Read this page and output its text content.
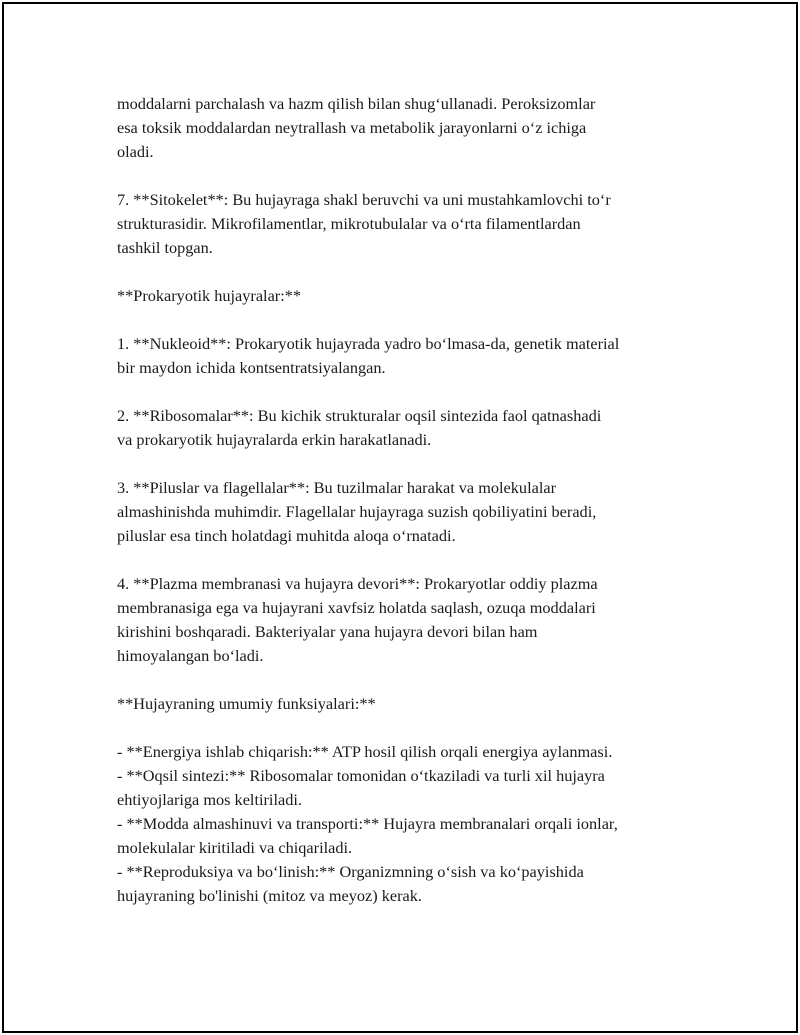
moddalarni parchalash va hazm qilish bilan shug‘ullanadi. Peroksizomlar
esa toksik moddalardan neytrallash va metabolik jarayonlarni o‘z ichiga
oladi.

7. **Sitokelet**: Bu hujayraga shakl beruvchi va uni mustahkamlovchi to‘r
strukturasidir. Mikrofilamentlar, mikrotubulalar va o‘rta filamentlardan
tashkil topgan.

**Prokaryotik hujayralar:**

1. **Nukleoid**: Prokaryotik hujayrada yadro bo‘lmasa-da, genetik material
bir maydon ichida kontsentratsiyalangan.

2. **Ribosomalar**: Bu kichik strukturalar oqsil sintezida faol qatnashadi
va prokaryotik hujayralarda erkin harakatlanadi.

3. **Piluslar va flagellalar**: Bu tuzilmalar harakat va molekulalar
almashinishda muhimdir. Flagellalar hujayraga suzish qobiliyatini beradi,
piluslar esa tinch holatdagi muhitda aloqa o‘rnatadi.

4. **Plazma membranasi va hujayra devori**: Prokaryotlar oddiy plazma
membranasiga ega va hujayrani xavfsiz holatda saqlash, ozuqa moddalari
kirishini boshqaradi. Bakteriyalar yana hujayra devori bilan ham
himoyalangan bo‘ladi.

**Hujayraning umumiy funksiyalari:**

- **Energiya ishlab chiqarish:** ATP hosil qilish orqali energiya aylanmasi.
- **Oqsil sintezi:** Ribosomalar tomonidan o‘tkaziladi va turli xil hujayra
ehtiyojlariga mos keltiriladi.
- **Modda almashinuvi va transporti:** Hujayra membranalari orqali ionlar,
molekulalar kiritiladi va chiqariladi.
- **Reproduksiya va bo‘linish:** Organizmning o‘sish va ko‘payishida
hujayraning bo'linishi (mitoz va meyoz) kerak.
